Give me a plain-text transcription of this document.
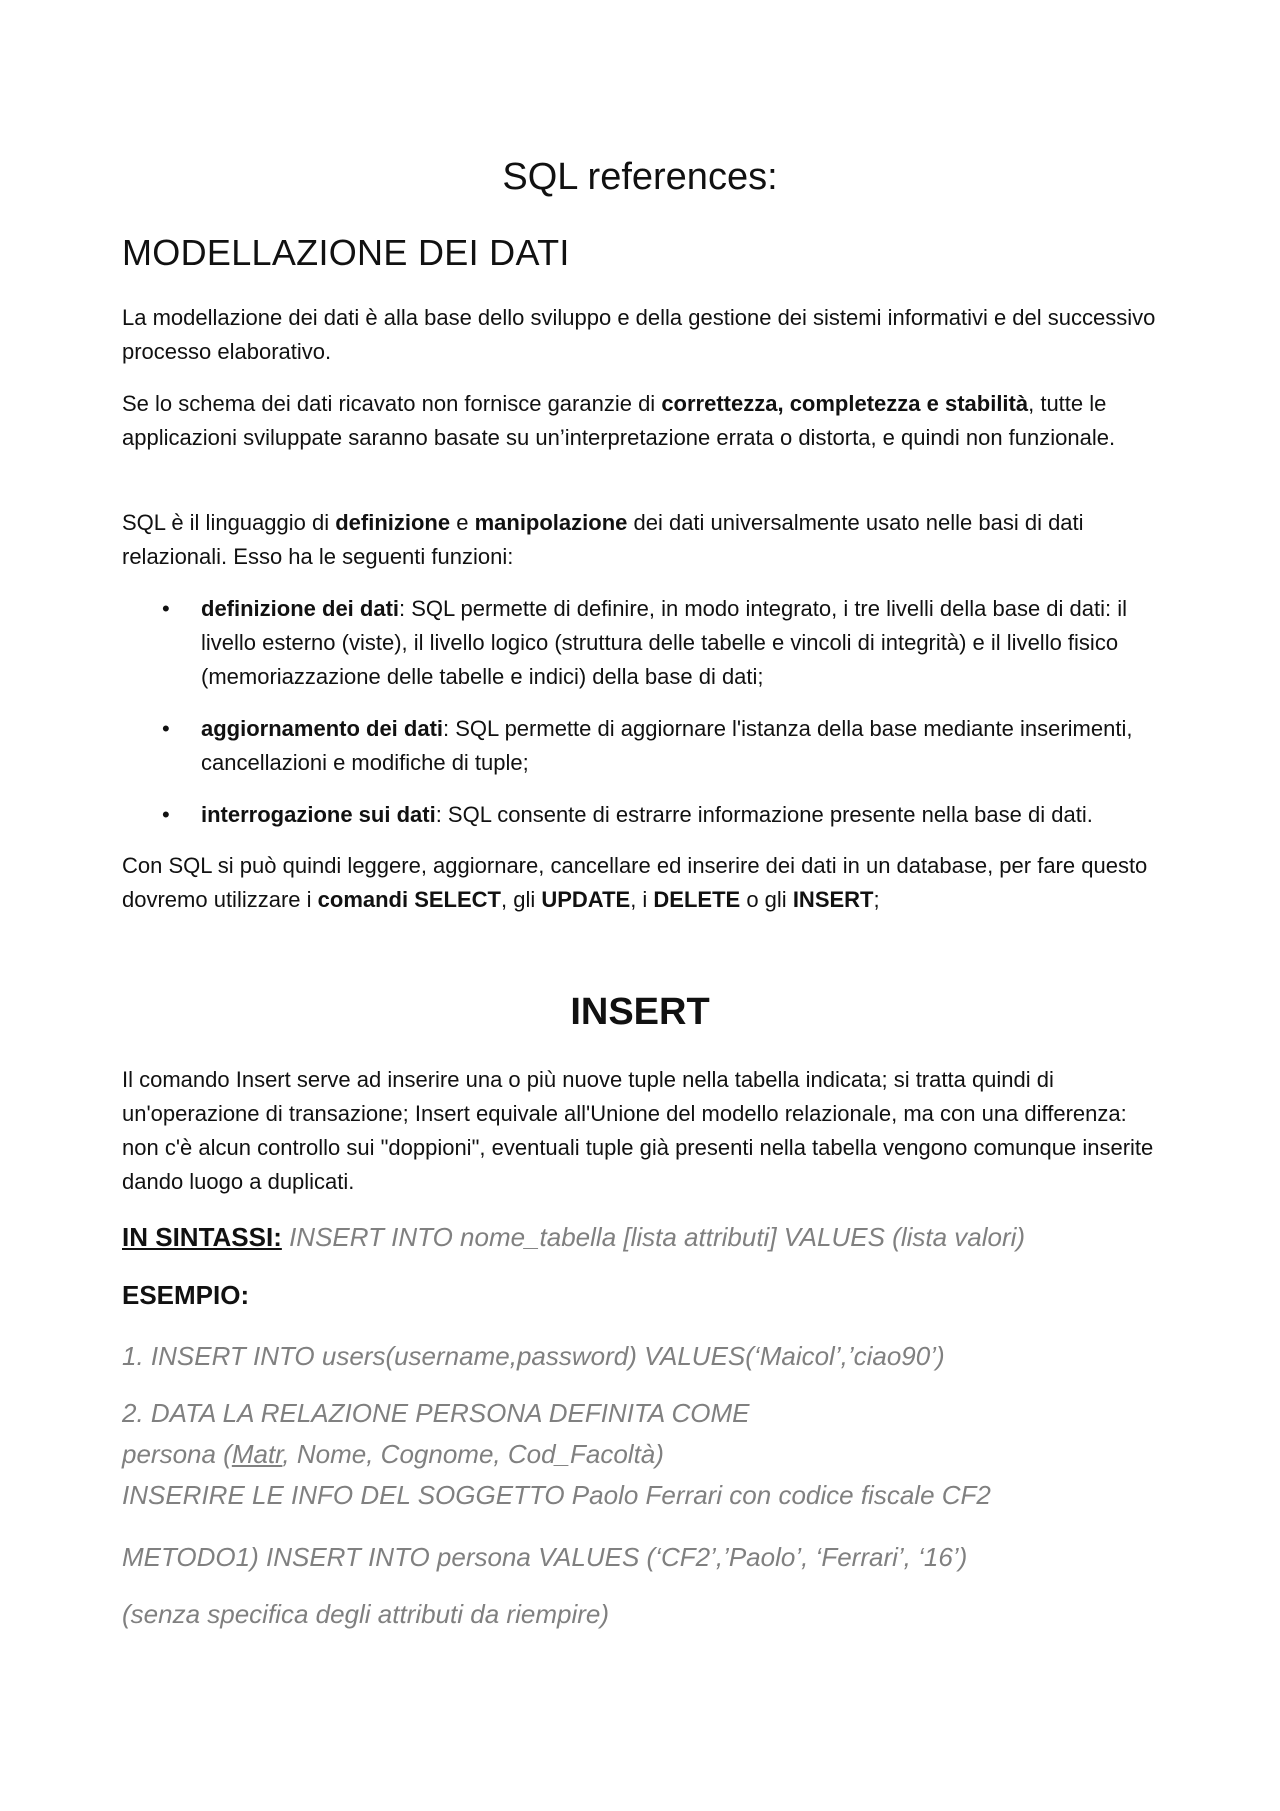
SQL references:
MODELLAZIONE DEI DATI

La modellazione dei dati è alla base dello sviluppo e della gestione dei sistemi informativi e del successivo processo elaborativo.

Se lo schema dei dati ricavato non fornisce garanzie di correttezza, completezza e stabilità, tutte le applicazioni sviluppate saranno basate su un’interpretazione errata o distorta, e quindi non funzionale.

SQL è il linguaggio di definizione e manipolazione dei dati universalmente usato nelle basi di dati relazionali. Esso ha le seguenti funzioni:

• definizione dei dati: SQL permette di definire, in modo integrato, i tre livelli della base di dati: il livello esterno (viste), il livello logico (struttura delle tabelle e vincoli di integrità) e il livello fisico (memoriazzazione delle tabelle e indici) della base di dati;
• aggiornamento dei dati: SQL permette di aggiornare l'istanza della base mediante inserimenti, cancellazioni e modifiche di tuple;
• interrogazione sui dati: SQL consente di estrarre informazione presente nella base di dati.

Con SQL si può quindi leggere, aggiornare, cancellare ed inserire dei dati in un database, per fare questo dovremo utilizzare i comandi SELECT, gli UPDATE, i DELETE o gli INSERT;

INSERT

Il comando Insert serve ad inserire una o più nuove tuple nella tabella indicata; si tratta quindi di un'operazione di transazione; Insert equivale all'Unione del modello relazionale, ma con una differenza: non c'è alcun controllo sui "doppioni", eventuali tuple già presenti nella tabella vengono comunque inserite dando luogo a duplicati.

IN SINTASSI: INSERT INTO nome_tabella [lista attributi] VALUES (lista valori)

ESEMPIO:

1. INSERT INTO users(username,password) VALUES(‘Maicol’,’ciao90’)

2. DATA LA RELAZIONE PERSONA DEFINITA COME
persona (Matr, Nome, Cognome, Cod_Facoltà)
INSERIRE LE INFO DEL SOGGETTO Paolo Ferrari con codice fiscale CF2

METODO1) INSERT INTO persona VALUES (‘CF2’,’Paolo’, ‘Ferrari’, ‘16’)

(senza specifica degli attributi da riempire)
